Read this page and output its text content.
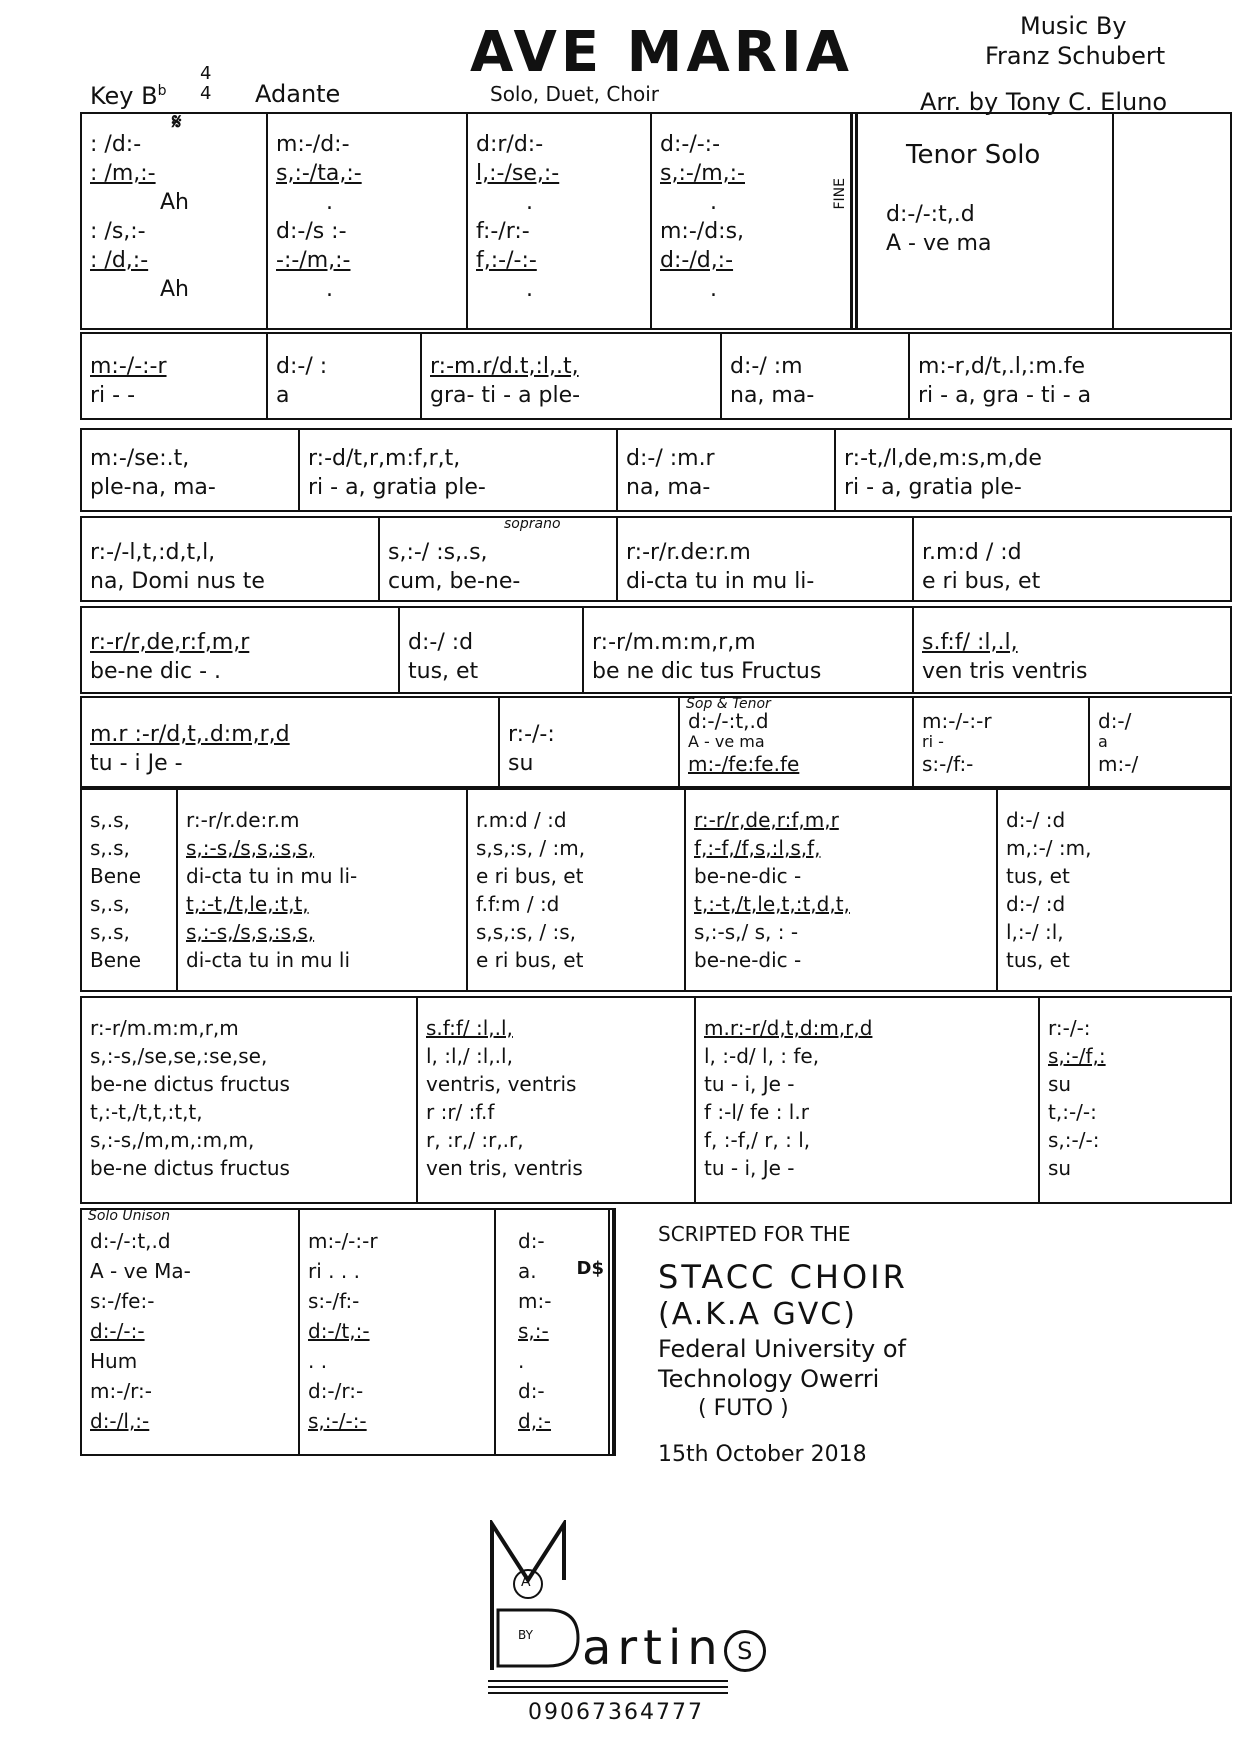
AVE MARIA
Solo, Duet, Choir
Key $B^b$
4
4 Adante
Music By
Franz Schubert
Arr. by Tony C. Eluno
𝄋
: /d:-
: /m,:-
Ah
: /s,:-
: /d,:-
Ah
m:-/d:-
s,:-/ta,:-
.
d:-/s :-
-:-/m,:-
.
d:r/d:-
l,:-/se,:-
.
f:-/r:-
f,:-/-:-
.
d:-/-:-
s,:-/m,:-
.
m:-/d:s,
d:-/d,:-
.
FINE
Tenor Solo
d:-/-:t,.d
A - ve ma
m:-/-:-r
ri - -
d:-/ :
a
r:-m.r/d.t,:l,.t,
gra- ti - a ple-
d:-/ :m
na, ma-
m:-r,d/t,.l,:m.fe
ri - a, gra - ti - a
m:-/se:.t,
ple-na, ma-
r:-d/t,r,m:f,r,t,
ri - a, gratia ple-
d:-/ :m.r
na, ma-
r:-t,/l,de,m:s,m,de
ri - a, gratia ple-
r:-/-l,t,:d,t,l,
na, Domi nus te
soprano
s,:-/ :s,.s,
cum, be-ne-
r:-r/r.de:r.m
di-cta tu in mu li-
r.m:d / :d
e ri bus, et
r:-r/r,de,r:f,m,r
be-ne dic - .
d:-/ :d
tus, et
r:-r/m.m:m,r,m
be ne dic tus Fructus
s.f:f/ :l,.l,
ven tris ventris
m.r :-r/d,t,.d:m,r,d
tu - i Je -
r:-/-:
su
Sop & Tenor
d:-/-:t,.d
A - ve ma
m:-/fe:fe.fe
m:-/-:-r
ri -
s:-/f:-
d:-/
a
m:-/
s,.s,
s,.s,
Bene
s,.s,
s,.s,
Bene
r:-r/r.de:r.m
s,:-s,/s,s,:s,s,
di-cta tu in mu li-
t,:-t,/t,le,:t,t,
s,:-s,/s,s,:s,s,
di-cta tu in mu li
r.m:d / :d
s,s,:s, / :m,
e ri bus, et
f.f:m / :d
s,s,:s, / :s,
e ri bus, et
r:-r/r,de,r:f,m,r
f,:-f,/f,s,:l,s,f,
be-ne-dic -
t,:-t,/t,le,t,:t,d,t,
s,:-s,/ s, : -
be-ne-dic -
d:-/ :d
m,:-/ :m,
tus, et
d:-/ :d
l,:-/ :l,
tus, et
r:-r/m.m:m,r,m
s,:-s,/se,se,:se,se,
be-ne dictus fructus
t,:-t,/t,t,:t,t,
s,:-s,/m,m,:m,m,
be-ne dictus fructus
s.f:f/ :l,.l,
l, :l,/ :l,.l,
ventris, ventris
r :r/ :f.f
r, :r,/ :r,.r,
ven tris, ventris
m.r:-r/d,t,d:m,r,d
l, :-d/ l, : fe,
tu - i, Je -
f :-l/ fe : l.r
f, :-f,/ r, : l,
tu - i, Je -
r:-/-:
s,:-/f,:
su
t,:-/-:
s,:-/-:
su
Solo Unison
d:-/-:t,.d
A - ve Ma-
s:-/fe:-
d:-/-:-
Hum
m:-/r:-
d:-/l,:-
m:-/-:-r
ri . . .
s:-/f:-
d:-/t,:-
. .
d:-/r:-
s,:-/-:-
d:-
a.
m:-
s,:-
.
d:-
d,:-
D$
SCRIPTED FOR THE
STACC CHOIR
(A.K.A GVC)
Federal University of
Technology Owerri
( FUTO )
15th October 2018
A
BY artin S
09067364777
